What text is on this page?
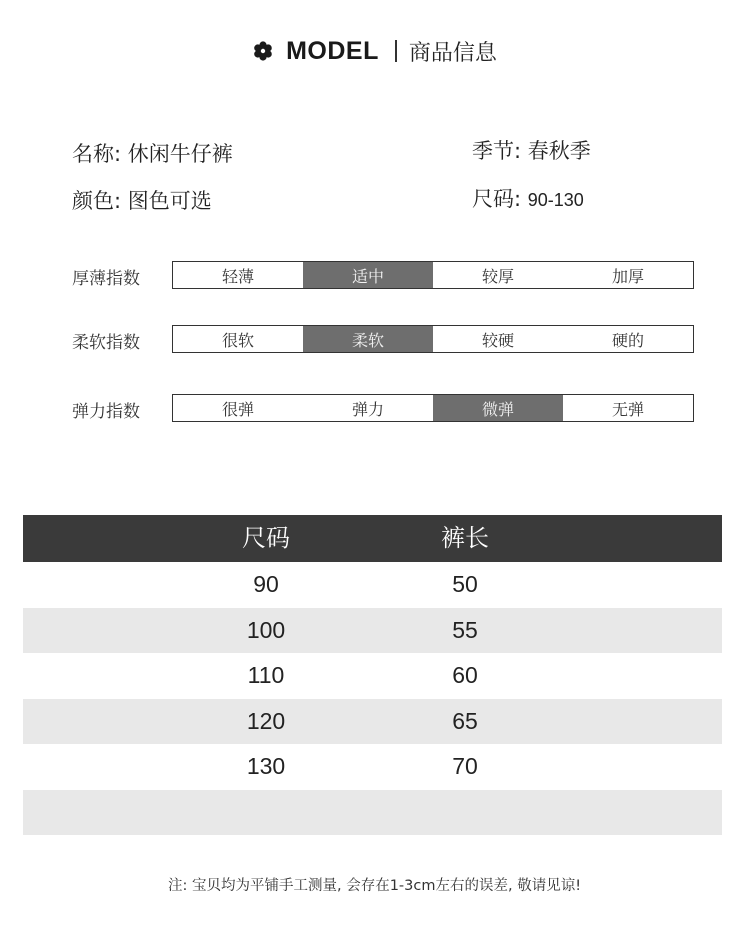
MODEL 商品信息
名称: 休闲牛仔裤	季节: 春秋季
颜色: 图色可选	尺码: 90-130
厚薄指数	轻薄	适中	较厚	加厚
柔软指数	很软	柔软	较硬	硬的
弹力指数	很弹	弹力	微弹	无弹
尺码	裤长
90	50
100	55
110	60
120	65
130	70
注: 宝贝均为平铺手工测量, 会存在1-3cm左右的误差, 敬请见谅!
